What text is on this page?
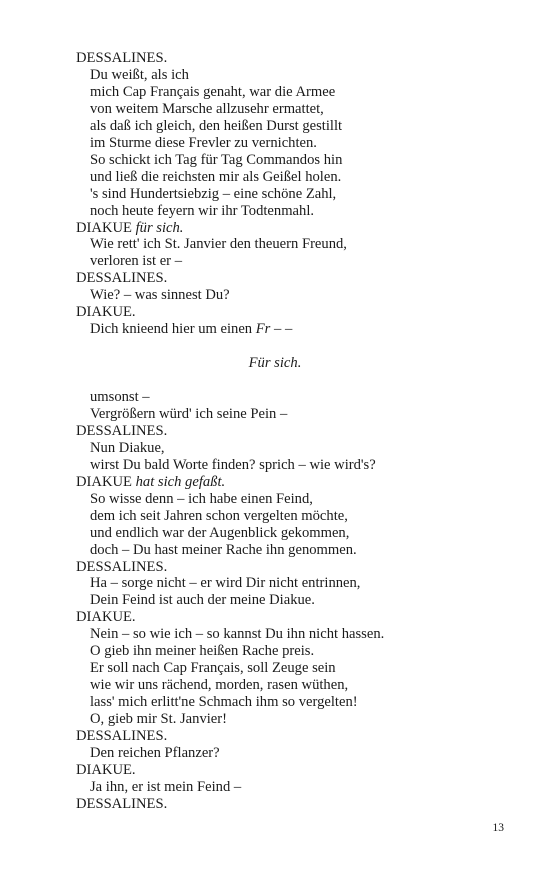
DESSALINES.
Du weißt, als ich
mich Cap Français genaht, war die Armee
von weitem Marsche allzusehr ermattet,
als daß ich gleich, den heißen Durst gestillt
im Sturme diese Frevler zu vernichten.
So schickt ich Tag für Tag Commandos hin
und ließ die reichsten mir als Geißel holen.
's sind Hundertsiebzig – eine schöne Zahl,
noch heute feyern wir ihr Todtenmahl.
DIAKUE für sich.
Wie rett' ich St. Janvier den theuern Freund,
verloren ist er –
DESSALINES.
Wie? – was sinnest Du?
DIAKUE.
Dich knieend hier um einen Fr – –
Für sich.
umsonst –
Vergrößern würd' ich seine Pein –
DESSALINES.
Nun Diakue,
wirst Du bald Worte finden? sprich – wie wird's?
DIAKUE hat sich gefaßt.
So wisse denn – ich habe einen Feind,
dem ich seit Jahren schon vergelten möchte,
und endlich war der Augenblick gekommen,
doch – Du hast meiner Rache ihn genommen.
DESSALINES.
Ha – sorge nicht – er wird Dir nicht entrinnen,
Dein Feind ist auch der meine Diakue.
DIAKUE.
Nein – so wie ich – so kannst Du ihn nicht hassen.
O gieb ihn meiner heißen Rache preis.
Er soll nach Cap Français, soll Zeuge sein
wie wir uns rächend, morden, rasen wüthen,
lass' mich erlitt'ne Schmach ihm so vergelten!
O, gieb mir St. Janvier!
DESSALINES.
Den reichen Pflanzer?
DIAKUE.
Ja ihn, er ist mein Feind –
DESSALINES.
13
